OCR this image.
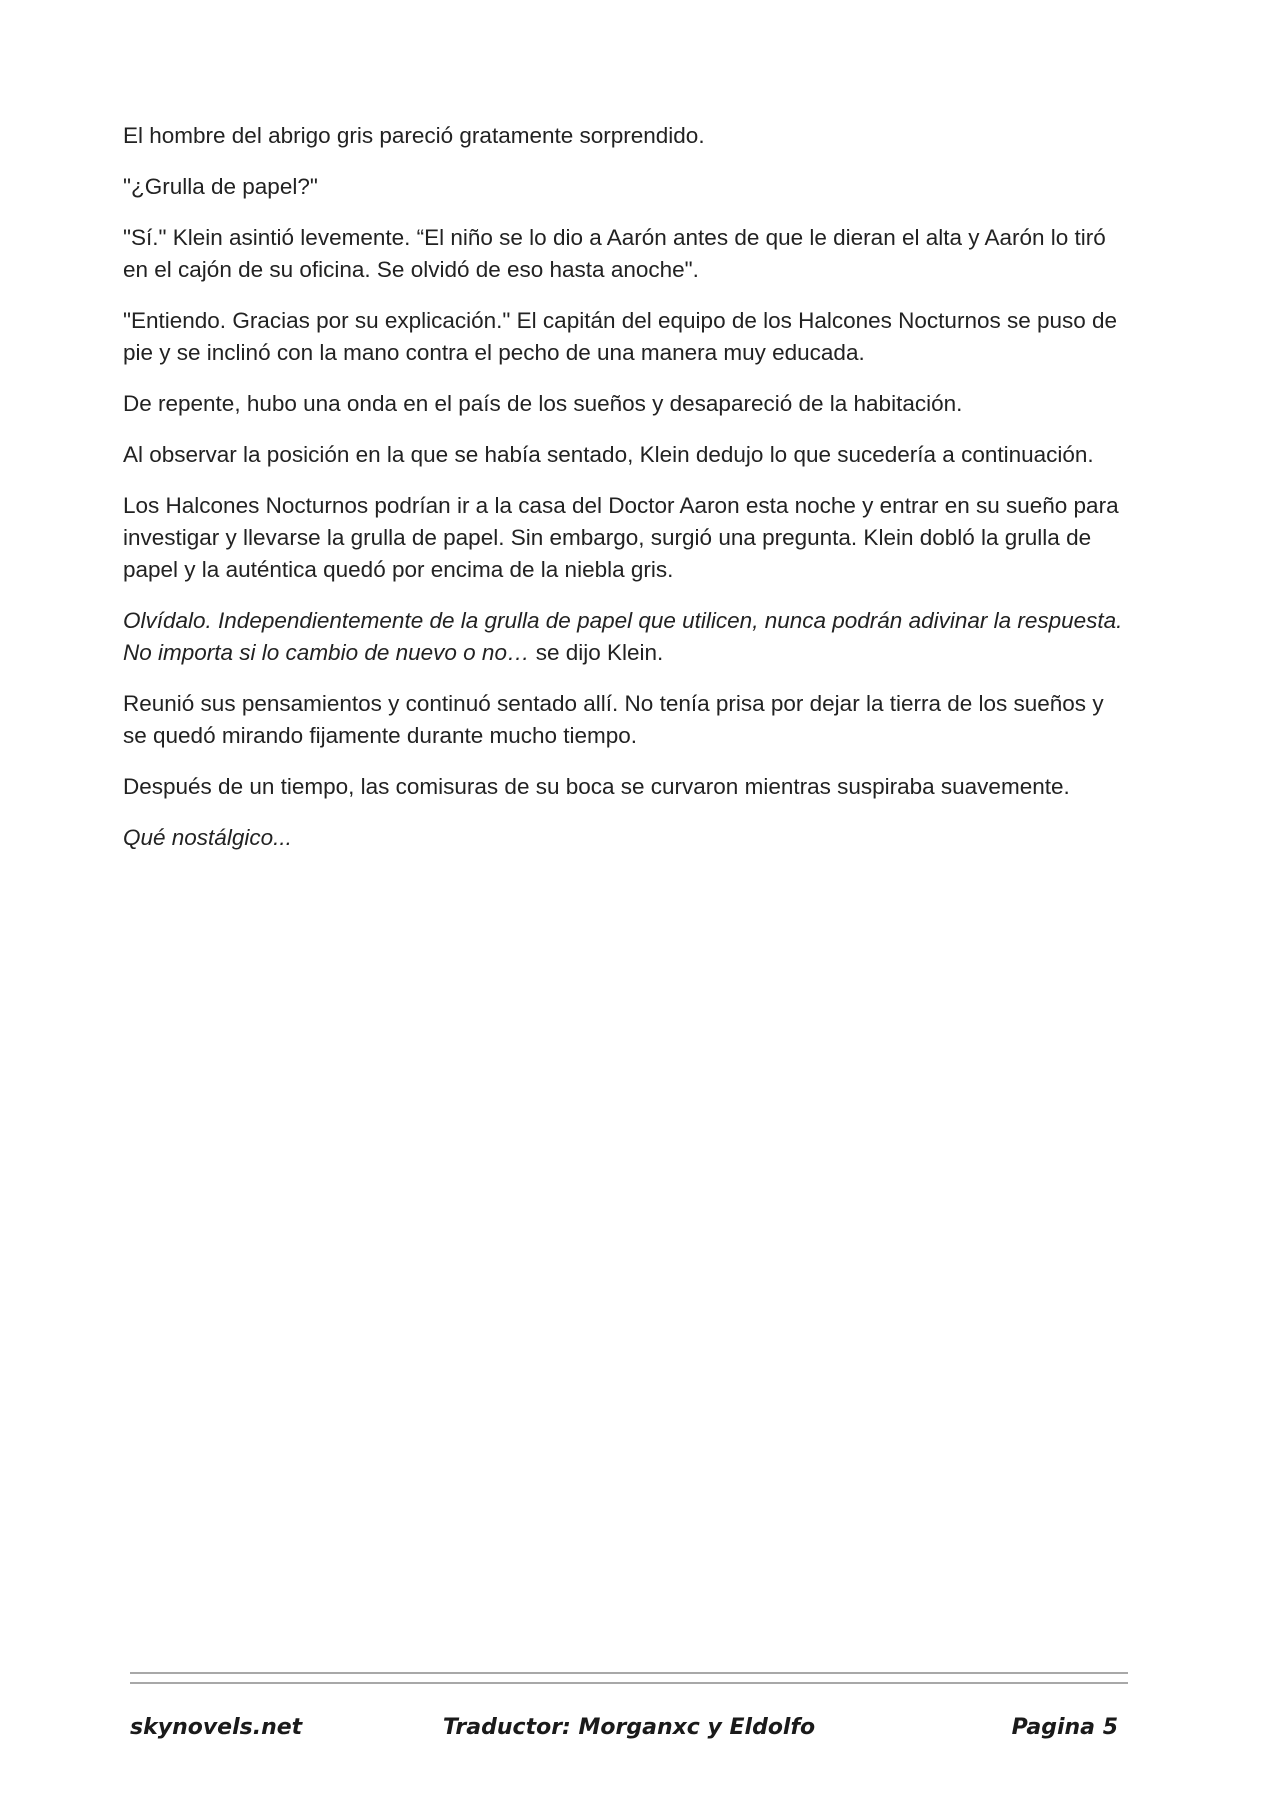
El hombre del abrigo gris pareció gratamente sorprendido.

"¿Grulla de papel?"

"Sí." Klein asintió levemente. “El niño se lo dio a Aarón antes de que le dieran el alta y Aarón lo tiró en el cajón de su oficina. Se olvidó de eso hasta anoche".

"Entiendo. Gracias por su explicación." El capitán del equipo de los Halcones Nocturnos se puso de pie y se inclinó con la mano contra el pecho de una manera muy educada.

De repente, hubo una onda en el país de los sueños y desapareció de la habitación.

Al observar la posición en la que se había sentado, Klein dedujo lo que sucedería a continuación.

Los Halcones Nocturnos podrían ir a la casa del Doctor Aaron esta noche y entrar en su sueño para investigar y llevarse la grulla de papel. Sin embargo, surgió una pregunta. Klein dobló la grulla de papel y la auténtica quedó por encima de la niebla gris.

Olvídalo. Independientemente de la grulla de papel que utilicen, nunca podrán adivinar la respuesta. No importa si lo cambio de nuevo o no… se dijo Klein.

Reunió sus pensamientos y continuó sentado allí. No tenía prisa por dejar la tierra de los sueños y se quedó mirando fijamente durante mucho tiempo.

Después de un tiempo, las comisuras de su boca se curvaron mientras suspiraba suavemente.

Qué nostálgico...

skynovels.net	Traductor: Morganxc y Eldolfo	Pagina 5
